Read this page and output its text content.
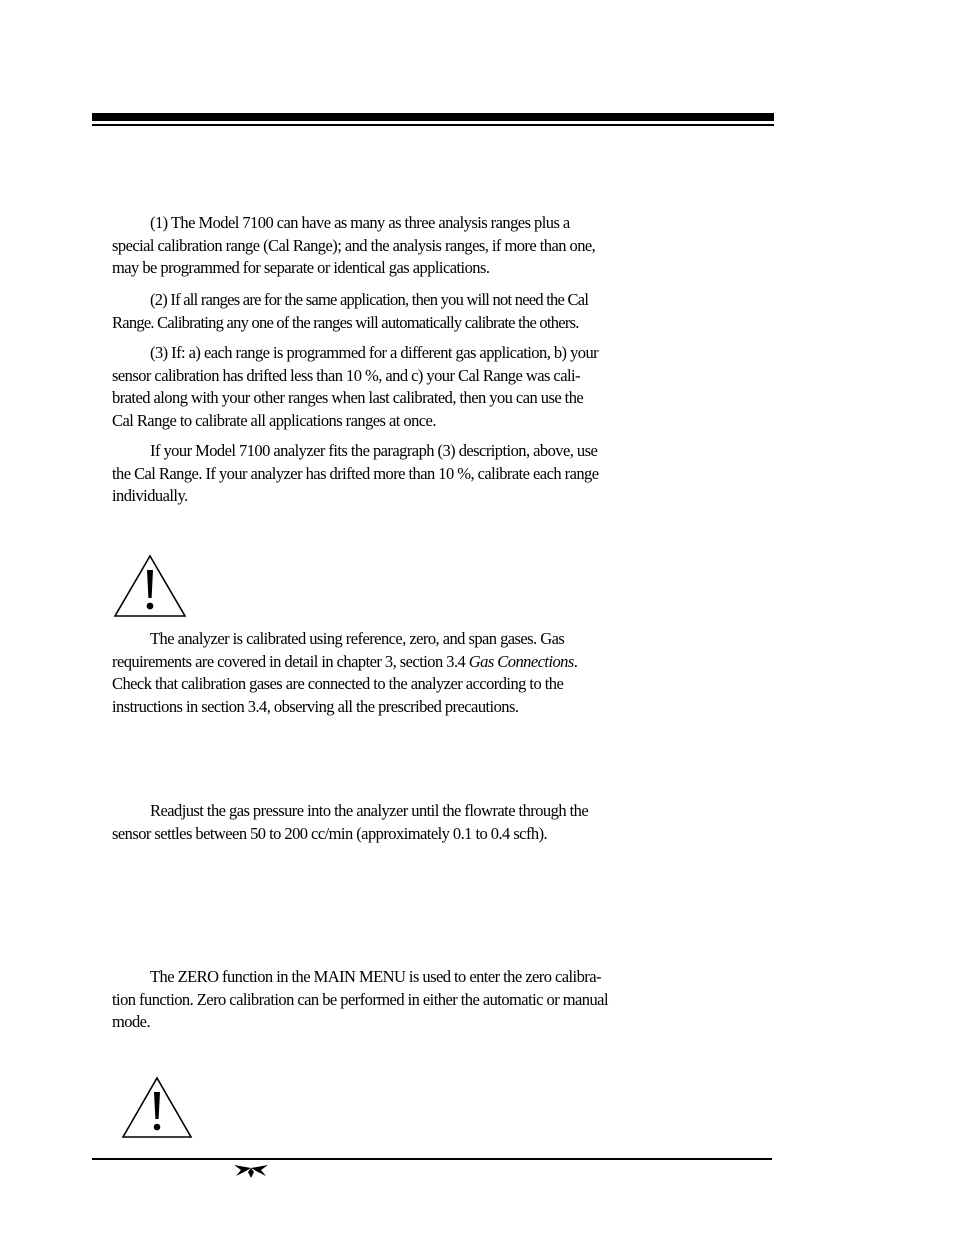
(1) The Model 7100 can have as many as three analysis ranges plus a
special calibration range (Cal Range); and the analysis ranges, if more than one,
may be programmed for separate or identical gas applications.

(2) If all ranges are for the same application, then you will not need the Cal
Range. Calibrating any one of the ranges will automatically calibrate the others.

(3) If: a) each range is programmed for a different gas application, b) your
sensor calibration has drifted less than 10 %, and c) your Cal Range was cali-
brated along with your other ranges when last calibrated, then you can use the
Cal Range to calibrate all applications ranges at once.

If your Model 7100 analyzer fits the paragraph (3) description, above, use
the Cal Range. If your analyzer has drifted more than 10 %, calibrate each range
individually.

The analyzer is calibrated using reference, zero, and span gases. Gas
requirements are covered in detail in chapter 3, section 3.4 Gas Connections.
Check that calibration gases are connected to the analyzer according to the
instructions in section 3.4, observing all the prescribed precautions.

Readjust the gas pressure into the analyzer until the flowrate through the
sensor settles between 50 to 200 cc/min (approximately 0.1 to 0.4 scfh).

The ZERO function in the MAIN MENU is used to enter the zero calibra-
tion function. Zero calibration can be performed in either the automatic or manual
mode.
